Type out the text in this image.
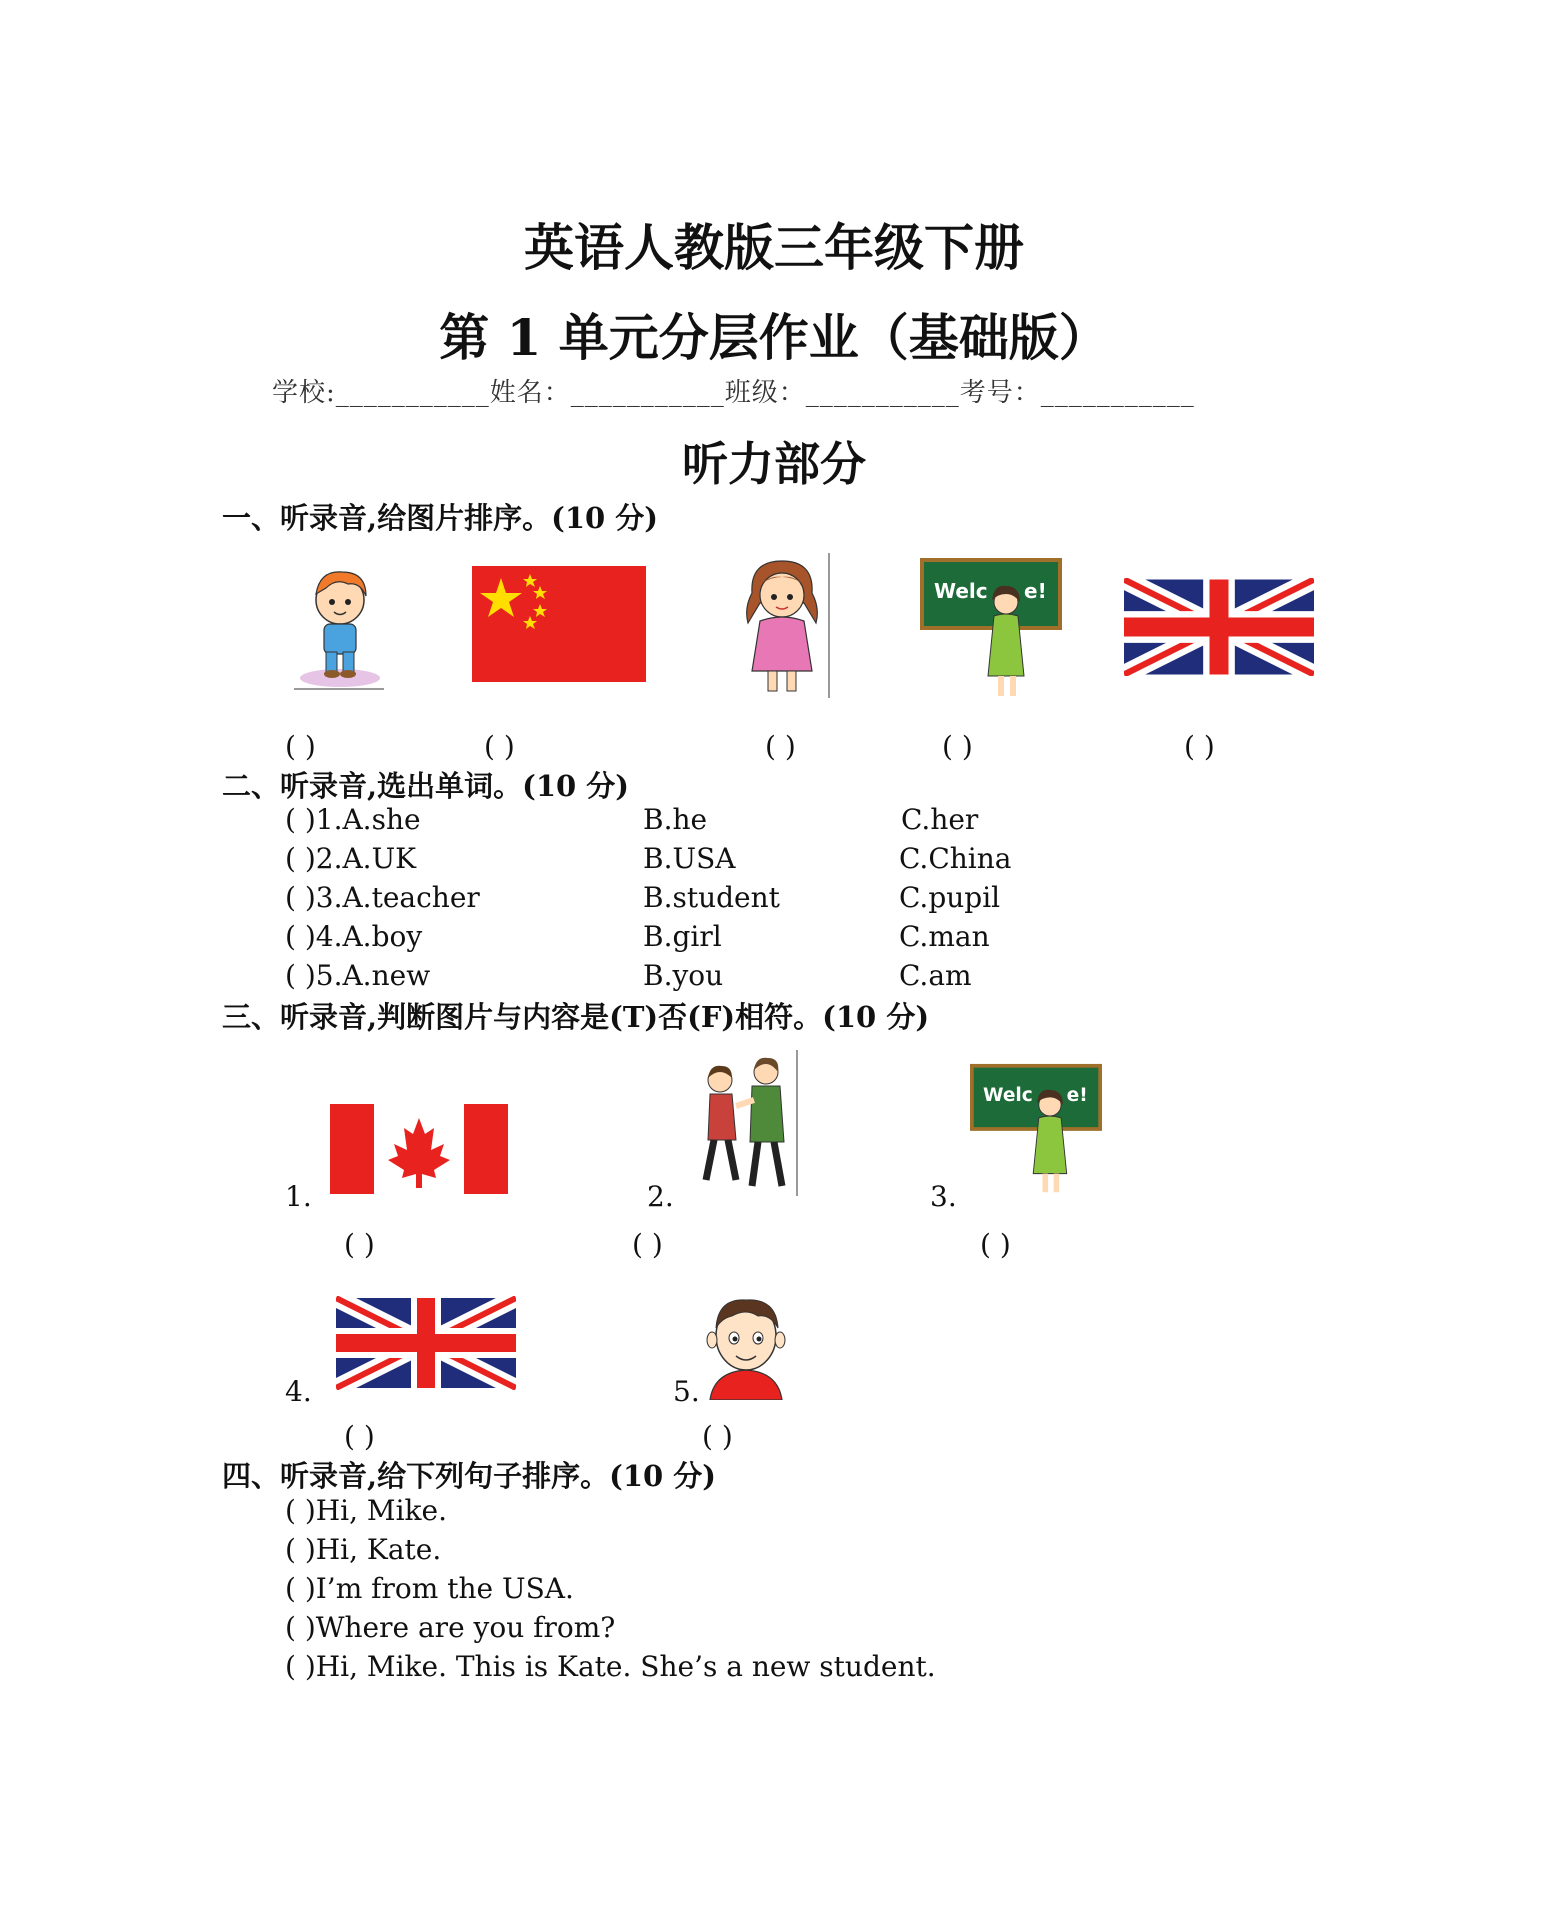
英语人教版三年级下册
第 1 单元分层作业（基础版）
学校:___________姓名：___________班级：___________考号：___________
听力部分
一、听录音,给图片排序。(10 分)
Welc e!
( )	( )	( )	( )	( )
二、听录音,选出单词。(10 分)
( )1.A.she	B.he	C.her
( )2.A.UK	B.USA	C.China
( )3.A.teacher	B.student	C.pupil
( )4.A.boy	B.girl	C.man
( )5.A.new	B.you	C.am
三、听录音,判断图片与内容是(T)否(F)相符。(10 分)
1.	2.
Welc e!
3.
( )	( )	( )
4.	5.
( )	( )
四、听录音,给下列句子排序。(10 分)
( )Hi, Mike.
( )Hi, Kate.
( )I’m from the USA.
( )Where are you from?
( )Hi, Mike. This is Kate. She’s a new student.
